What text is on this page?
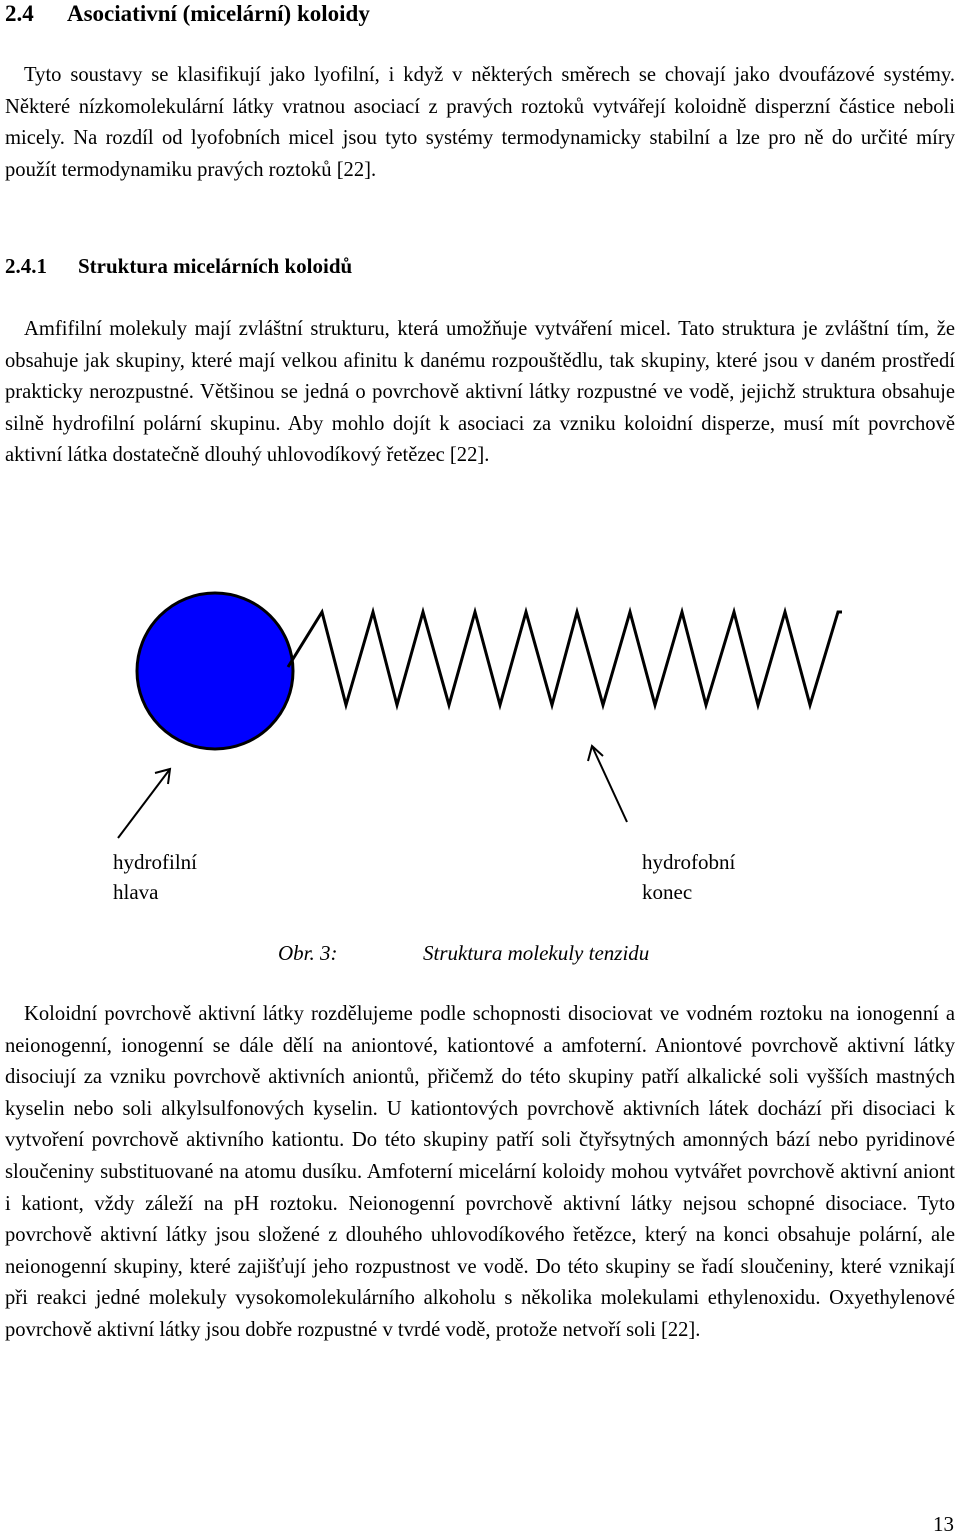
2.4 Asociativní (micelární) koloidy

Tyto soustavy se klasifikují jako lyofilní, i když v některých směrech se chovají jako dvoufázové systémy. Některé nízkomolekulární látky vratnou asociací z pravých roztoků vytvářejí koloidně disperzní částice neboli micely. Na rozdíl od lyofobních micel jsou tyto systémy termodynamicky stabilní a lze pro ně do určité míry použít termodynamiku pravých roztoků [22].

2.4.1 Struktura micelárních koloidů

Amfifilní molekuly mají zvláštní strukturu, která umožňuje vytváření micel. Tato struktura je zvláštní tím, že obsahuje jak skupiny, které mají velkou afinitu k danému rozpouštědlu, tak skupiny, které jsou v daném prostředí prakticky nerozpustné. Většinou se jedná o povrchově aktivní látky rozpustné ve vodě, jejichž struktura obsahuje silně hydrofilní polární skupinu. Aby mohlo dojít k asociaci za vzniku koloidní disperze, musí mít povrchově aktivní látka dostatečně dlouhý uhlovodíkový řetězec [22].

hydrofilní
hlava
hydrofobní
konec
Obr. 3:	Struktura molekuly tenzidu

Koloidní povrchově aktivní látky rozdělujeme podle schopnosti disociovat ve vodném roztoku na ionogenní a neionogenní, ionogenní se dále dělí na aniontové, kationtové a amfoterní. Aniontové povrchově aktivní látky disociují za vzniku povrchově aktivních aniontů, přičemž do této skupiny patří alkalické soli vyšších mastných kyselin nebo soli alkylsulfonových kyselin. U kationtových povrchově aktivních látek dochází při disociaci k vytvoření povrchově aktivního kationtu. Do této skupiny patří soli čtyřsytných amonných bází nebo pyridinové sloučeniny substituované na atomu dusíku. Amfoterní micelární koloidy mohou vytvářet povrchově aktivní aniont i kationt, vždy záleží na pH roztoku. Neionogenní povrchově aktivní látky nejsou schopné disociace. Tyto povrchově aktivní látky jsou složené z dlouhého uhlovodíkového řetězce, který na konci obsahuje polární, ale neionogenní skupiny, které zajišťují jeho rozpustnost ve vodě. Do této skupiny se řadí sloučeniny, které vznikají při reakci jedné molekuly vysokomolekulárního alkoholu s několika molekulami ethylenoxidu. Oxyethylenové povrchově aktivní látky jsou dobře rozpustné v tvrdé vodě, protože netvoří soli [22].

13
